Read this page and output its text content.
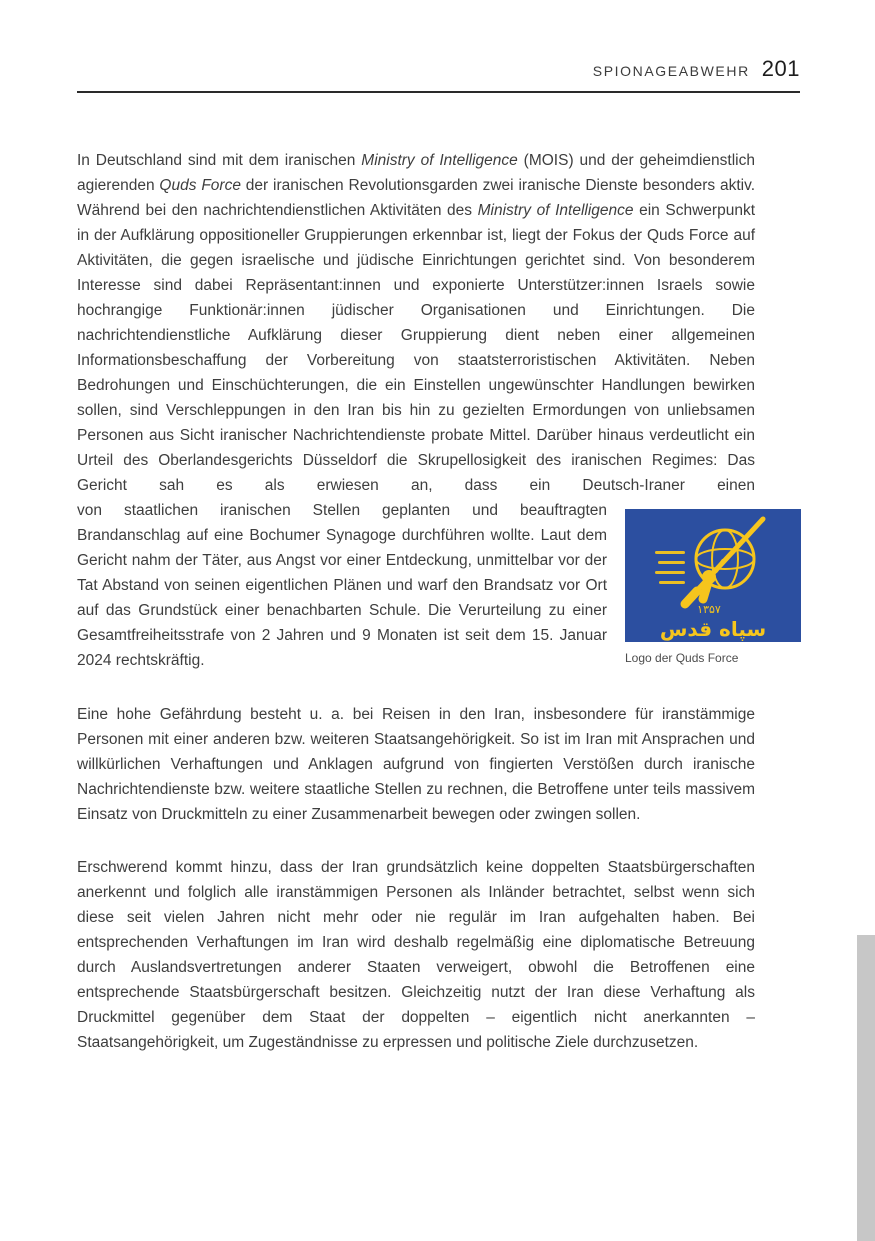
SPIONAGEABWEHR 201

In Deutschland sind mit dem iranischen Ministry of Intelligence (MOIS) und der geheimdienstlich agierenden Quds Force der iranischen Revolutionsgarden zwei iranische Dienste besonders aktiv. Während bei den nachrichtendienstlichen Aktivitäten des Ministry of Intelligence ein Schwerpunkt in der Aufklärung oppositioneller Gruppierungen erkennbar ist, liegt der Fokus der Quds Force auf Aktivitäten, die gegen israelische und jüdische Einrichtungen gerichtet sind. Von besonderem Interesse sind dabei Repräsentant:innen und exponierte Unterstützer:innen Israels sowie hochrangige Funktionär:innen jüdischer Organisationen und Einrichtungen. Die nachrichtendienstliche Aufklärung dieser Gruppierung dient neben einer allgemeinen Informationsbeschaffung der Vorbereitung von staatsterroristischen Aktivitäten. Neben Bedrohungen und Einschüchterungen, die ein Einstellen ungewünschter Handlungen bewirken sollen, sind Verschleppungen in den Iran bis hin zu gezielten Ermordungen von unliebsamen Personen aus Sicht iranischer Nachrichtendienste probate Mittel. Darüber hinaus verdeutlicht ein Urteil des Oberlandesgerichts Düsseldorf die Skrupellosigkeit des iranischen Regimes: Das Gericht sah es als erwiesen an, dass ein Deutsch-Iraner einen

von staatlichen iranischen Stellen geplanten und beauftragten Brandanschlag auf eine Bochumer Synagoge durchführen wollte. Laut dem Gericht nahm der Täter, aus Angst vor einer Entdeckung, unmittelbar vor der Tat Abstand von seinen eigentlichen Plänen und warf den Brandsatz vor Ort auf das Grundstück einer benachbarten Schule. Die Verurteilung zu einer Gesamtfreiheitsstrafe von 2 Jahren und 9 Monaten ist seit dem 15. Januar 2024 rechtskräftig.

۱۳۵۷
سپاه قدس
Logo der Quds Force

Eine hohe Gefährdung besteht u. a. bei Reisen in den Iran, insbesondere für iranstämmige Personen mit einer anderen bzw. weiteren Staatsangehörigkeit. So ist im Iran mit Ansprachen und willkürlichen Verhaftungen und Anklagen aufgrund von fingierten Verstößen durch iranische Nachrichtendienste bzw. weitere staatliche Stellen zu rechnen, die Betroffene unter teils massivem Einsatz von Druckmitteln zu einer Zusammenarbeit bewegen oder zwingen sollen.

Erschwerend kommt hinzu, dass der Iran grundsätzlich keine doppelten Staatsbürgerschaften anerkennt und folglich alle iranstämmigen Personen als Inländer betrachtet, selbst wenn sich diese seit vielen Jahren nicht mehr oder nie regulär im Iran aufgehalten haben. Bei entsprechenden Verhaftungen im Iran wird deshalb regelmäßig eine diplomatische Betreuung durch Auslandsvertretungen anderer Staaten verweigert, obwohl die Betroffenen eine entsprechende Staatsbürgerschaft besitzen. Gleichzeitig nutzt der Iran diese Verhaftung als Druckmittel gegenüber dem Staat der doppelten – eigentlich nicht anerkannten – Staatsangehörigkeit, um Zugeständnisse zu erpressen und politische Ziele durchzusetzen.
